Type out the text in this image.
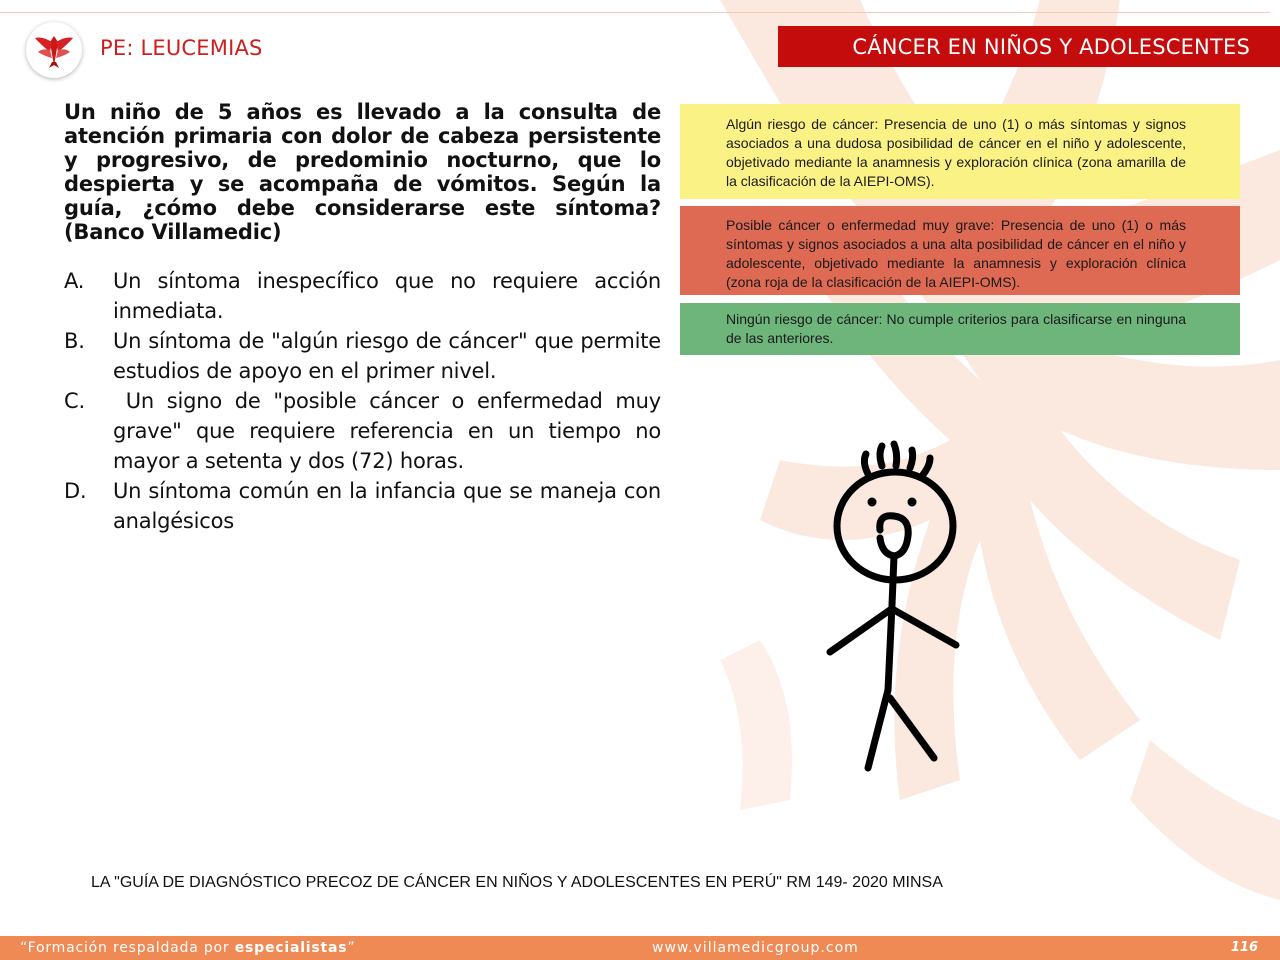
PE: LEUCEMIAS	CÁNCER EN NIÑOS Y ADOLESCENTES
Un niño de 5 años es llevado a la consulta de atención primaria con dolor de cabeza persistente y progresivo, de predominio nocturno, que lo despierta y se acompaña de vómitos. Según la guía, ¿cómo debe considerarse este síntoma? (Banco Villamedic)
A.	Un síntoma inespecífico que no requiere acción inmediata.
B.	Un síntoma de "algún riesgo de cáncer" que permite estudios de apoyo en el primer nivel.
C.	Un signo de "posible cáncer o enfermedad muy grave" que requiere referencia en un tiempo no mayor a setenta y dos (72) horas.
D.	Un síntoma común en la infancia que se maneja con analgésicos
Algún riesgo de cáncer: Presencia de uno (1) o más síntomas y signos asociados a una dudosa posibilidad de cáncer en el niño y adolescente, objetivado mediante la anamnesis y exploración clínica (zona amarilla de la clasificación de la AIEPI-OMS).
Posible cáncer o enfermedad muy grave: Presencia de uno (1) o más síntomas y signos asociados a una alta posibilidad de cáncer en el niño y adolescente, objetivado mediante la anamnesis y exploración clínica (zona roja de la clasificación de la AIEPI-OMS).
Ningún riesgo de cáncer: No cumple criterios para clasificarse en ninguna de las anteriores.
LA "GUÍA DE DIAGNÓSTICO PRECOZ DE CÁNCER EN NIÑOS Y ADOLESCENTES EN PERÚ" RM 149- 2020 MINSA
“Formación respaldada por especialistas”	www.villamedicgroup.com	116
